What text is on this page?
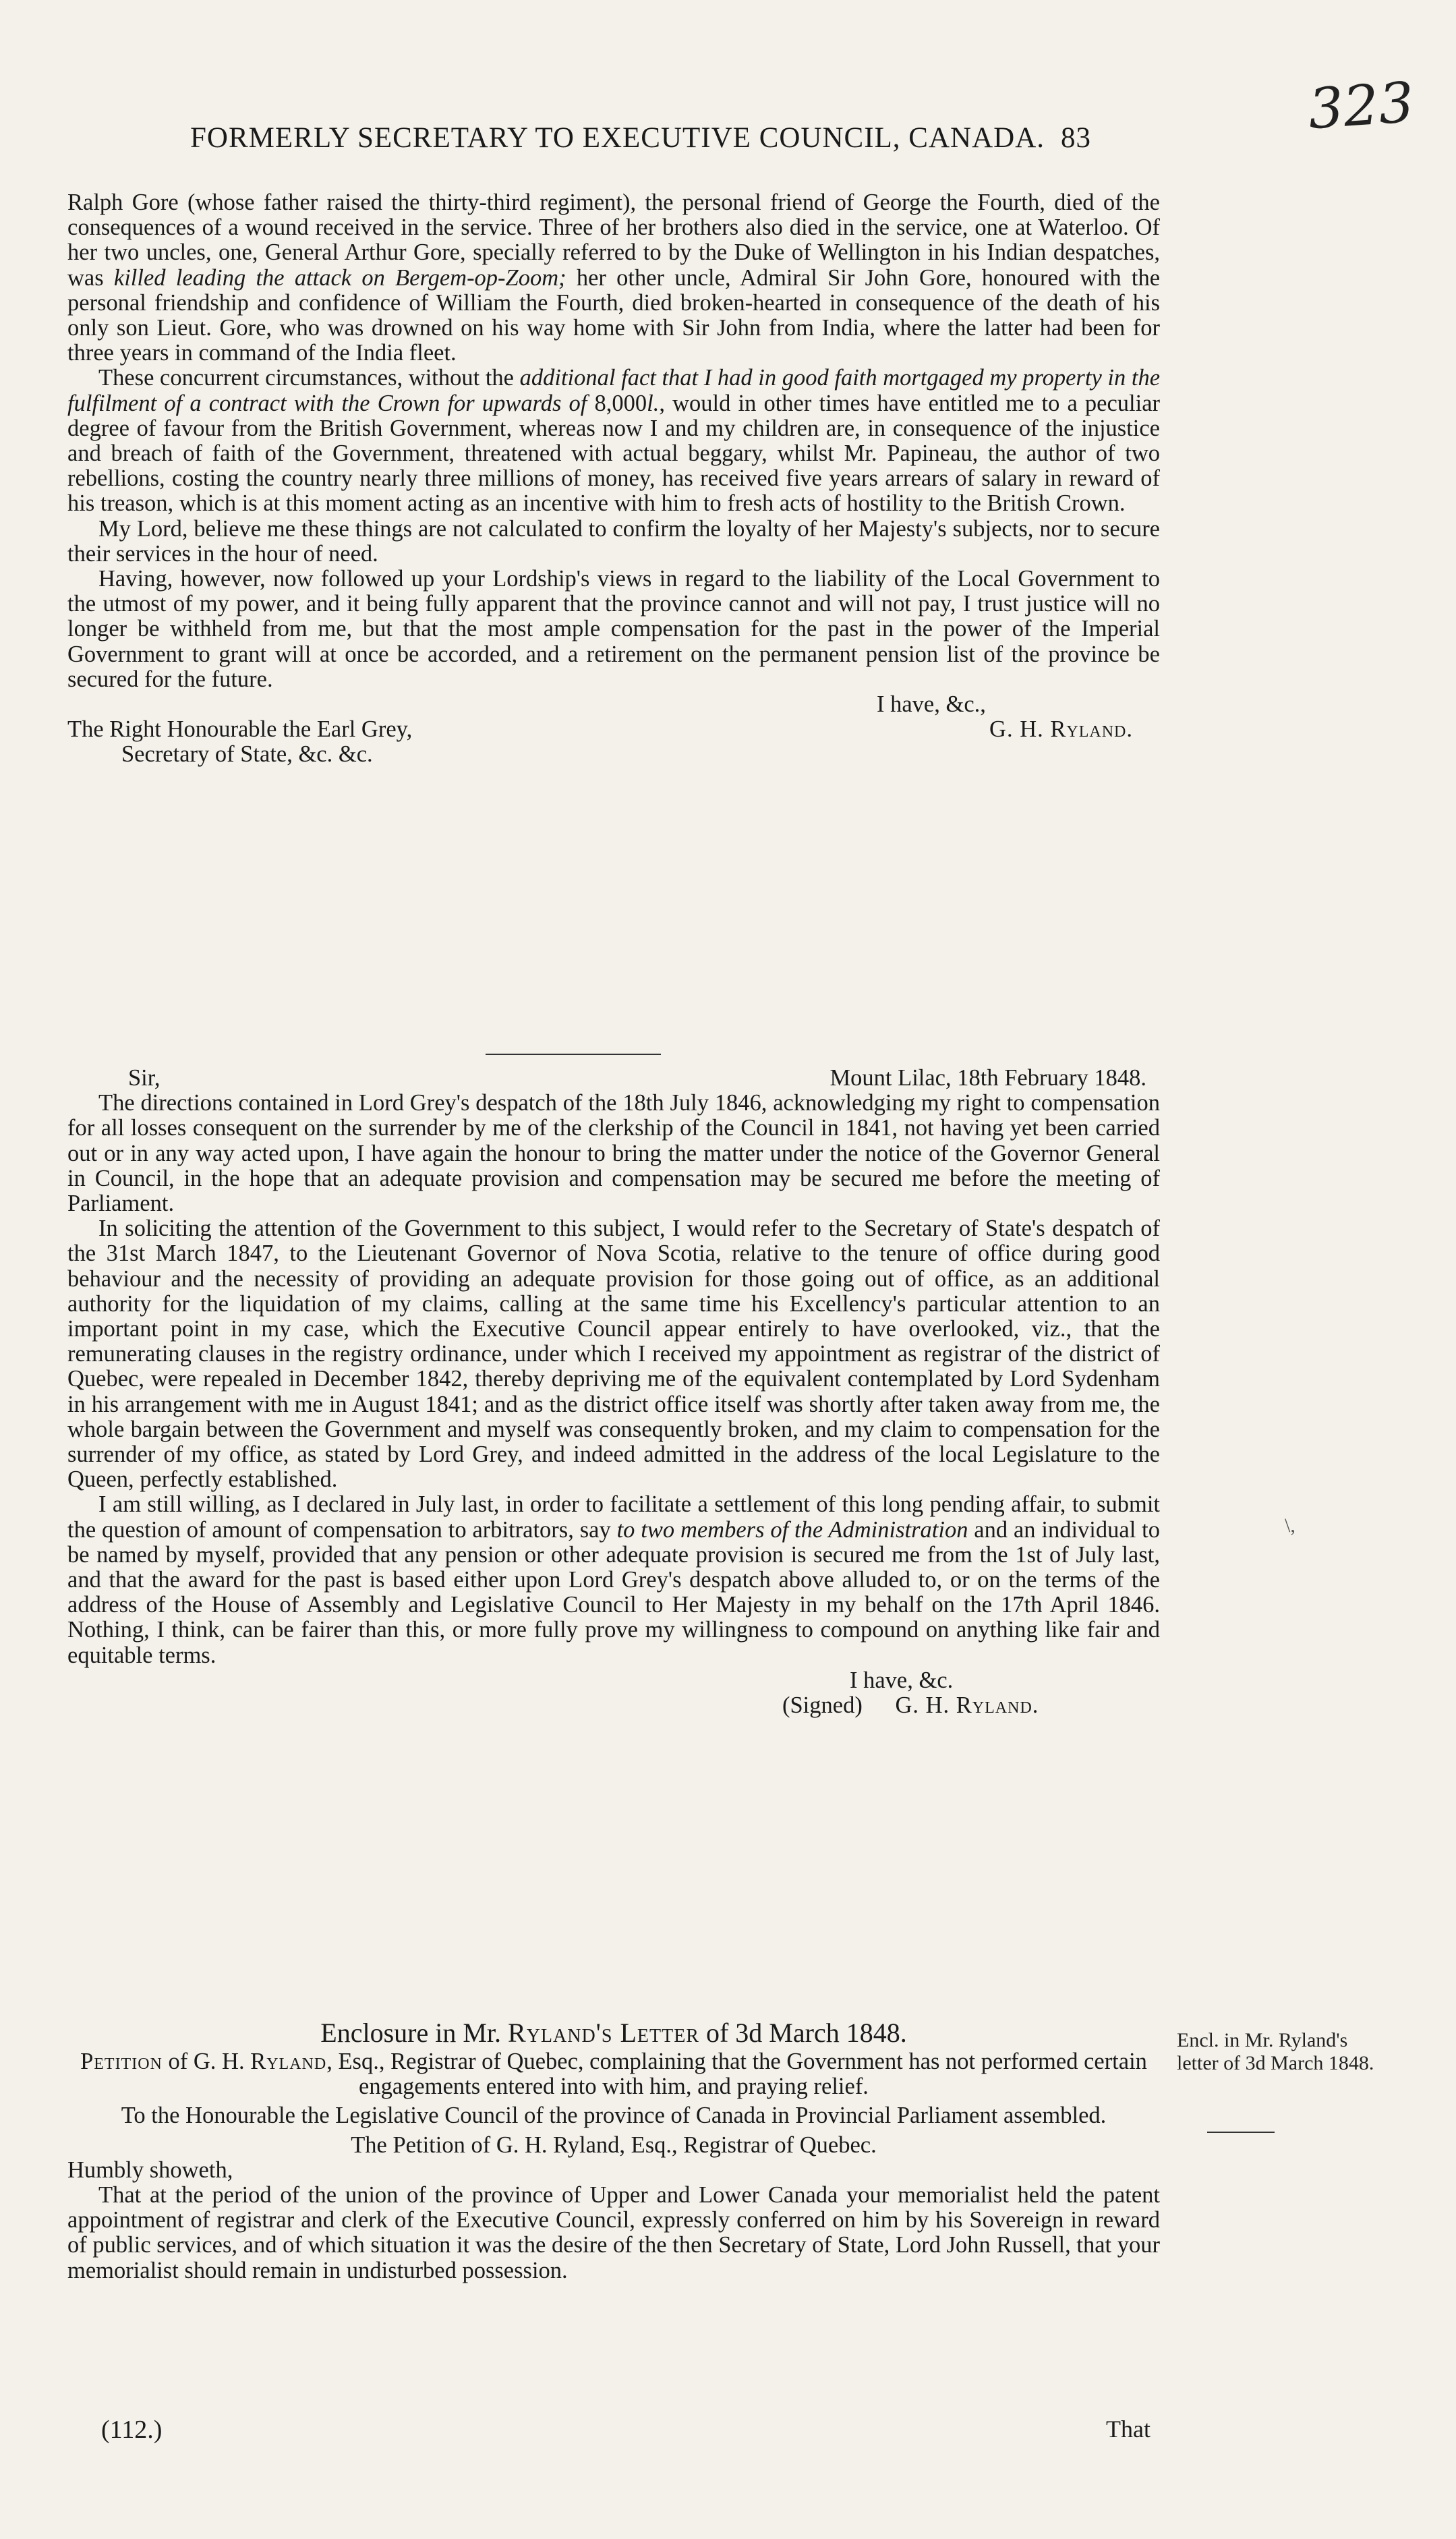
323
FORMERLY SECRETARY TO EXECUTIVE COUNCIL, CANADA. 83

Ralph Gore (whose father raised the thirty-third regiment), the personal friend of George the Fourth, died of the consequences of a wound received in the service. Three of her brothers also died in the service, one at Waterloo. Of her two uncles, one, General Arthur Gore, specially referred to by the Duke of Wellington in his Indian despatches, was killed leading the attack on Bergem-op-Zoom; her other uncle, Admiral Sir John Gore, honoured with the personal friendship and confidence of William the Fourth, died broken-hearted in consequence of the death of his only son Lieut. Gore, who was drowned on his way home with Sir John from India, where the latter had been for three years in command of the India fleet.

These concurrent circumstances, without the additional fact that I had in good faith mortgaged my property in the fulfilment of a contract with the Crown for upwards of 8,000l., would in other times have entitled me to a peculiar degree of favour from the British Government, whereas now I and my children are, in consequence of the injustice and breach of faith of the Government, threatened with actual beggary, whilst Mr. Papineau, the author of two rebellions, costing the country nearly three millions of money, has received five years arrears of salary in reward of his treason, which is at this moment acting as an incentive with him to fresh acts of hostility to the British Crown.

My Lord, believe me these things are not calculated to confirm the loyalty of her Majesty's subjects, nor to secure their services in the hour of need.

Having, however, now followed up your Lordship's views in regard to the liability of the Local Government to the utmost of my power, and it being fully apparent that the province cannot and will not pay, I trust justice will no longer be withheld from me, but that the most ample compensation for the past in the power of the Imperial Government to grant will at once be accorded, and a retirement on the permanent pension list of the province be secured for the future.

I have, &c.,
The Right Honourable the Earl Grey,	G. H. Ryland.
Secretary of State, &c. &c.
Sir,	Mount Lilac, 18th February 1848.

The directions contained in Lord Grey's despatch of the 18th July 1846, acknowledging my right to compensation for all losses consequent on the surrender by me of the clerkship of the Council in 1841, not having yet been carried out or in any way acted upon, I have again the honour to bring the matter under the notice of the Governor General in Council, in the hope that an adequate provision and compensation may be secured me before the meeting of Parliament.

In soliciting the attention of the Government to this subject, I would refer to the Secretary of State's despatch of the 31st March 1847, to the Lieutenant Governor of Nova Scotia, relative to the tenure of office during good behaviour and the necessity of providing an adequate provision for those going out of office, as an additional authority for the liquidation of my claims, calling at the same time his Excellency's particular attention to an important point in my case, which the Executive Council appear entirely to have overlooked, viz., that the remunerating clauses in the registry ordinance, under which I received my appointment as registrar of the district of Quebec, were repealed in December 1842, thereby depriving me of the equivalent contemplated by Lord Sydenham in his arrangement with me in August 1841; and as the district office itself was shortly after taken away from me, the whole bargain between the Government and myself was consequently broken, and my claim to compensation for the surrender of my office, as stated by Lord Grey, and indeed admitted in the address of the local Legislature to the Queen, perfectly established.

I am still willing, as I declared in July last, in order to facilitate a settlement of this long pending affair, to submit the question of amount of compensation to arbitrators, say to two members of the Administration and an individual to be named by myself, provided that any pension or other adequate provision is secured me from the 1st of July last, and that the award for the past is based either upon Lord Grey's despatch above alluded to, or on the terms of the address of the House of Assembly and Legislative Council to Her Majesty in my behalf on the 17th April 1846. Nothing, I think, can be fairer than this, or more fully prove my willingness to compound on anything like fair and equitable terms.

I have, &c.
(Signed) G. H. Ryland.
\,
Enclosure in Mr. Ryland's Letter of 3d March 1848.

Petition of G. H. Ryland, Esq., Registrar of Quebec, complaining that the Government has not performed certain engagements entered into with him, and praying relief.

To the Honourable the Legislative Council of the province of Canada in Provincial Parliament assembled.

The Petition of G. H. Ryland, Esq., Registrar of Quebec.

Humbly showeth,

That at the period of the union of the province of Upper and Lower Canada your memorialist held the patent appointment of registrar and clerk of the Executive Council, expressly conferred on him by his Sovereign in reward of public services, and of which situation it was the desire of the then Secretary of State, Lord John Russell, that your memorialist should remain in undisturbed possession.

Encl. in Mr. Ryland's letter of 3d March 1848.
(112.)	That
